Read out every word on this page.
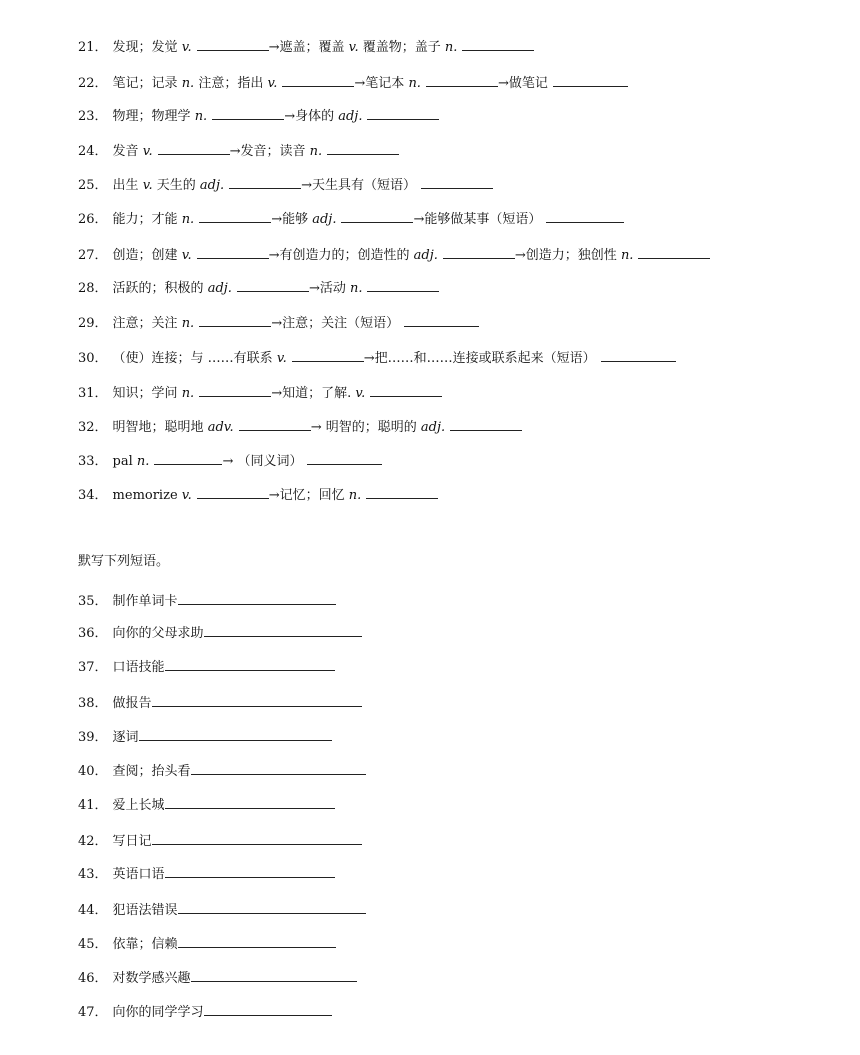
21． 发现；发觉 v.	→遮盖；覆盖 v. 覆盖物；盖子 n.
22． 笔记；记录 n. 注意；指出 v.	→笔记本 n.	→做笔记
23． 物理；物理学 n.	→身体的 adj.
24． 发音 v.	→发音；读音 n.
25． 出生 v. 天生的 adj.	→天生具有（短语）
26． 能力；才能 n.	→能够 adj.	→能够做某事（短语）
27． 创造；创建 v.	→有创造力的；创造性的 adj.	→创造力；独创性 n.
28． 活跃的；积极的 adj.	→活动 n.
29． 注意；关注 n.	→注意；关注（短语）
30． （使）连接；与 ……有联系 v.	→把……和……连接或联系起来（短语）
31． 知识；学问 n.	→知道；了解. v.
32． 明智地；聪明地 adv.	→ 明智的；聪明的 adj.
33． pal n.	→ （同义词）
34． memorize v.	→记忆；回忆 n.
默写下列短语。
35． 制作单词卡
36． 向你的父母求助
37． 口语技能
38． 做报告
39． 逐词
40． 查阅；抬头看
41． 爱上长城
42． 写日记
43． 英语口语
44． 犯语法错误
45． 依靠；信赖
46． 对数学感兴趣
47． 向你的同学学习
